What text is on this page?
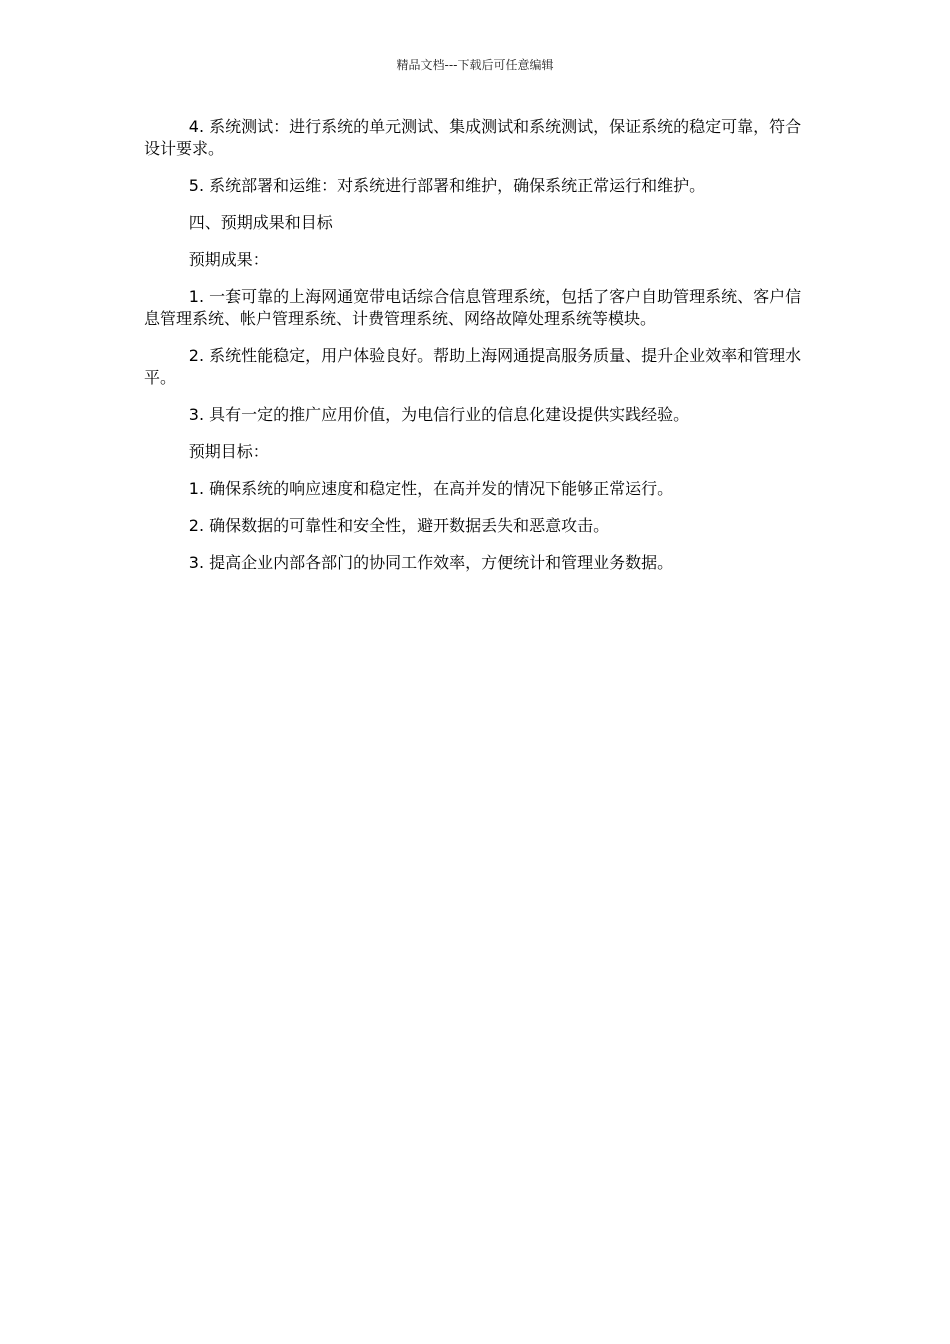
精品文档---下载后可任意编辑

4. 系统测试：进行系统的单元测试、集成测试和系统测试，保证系统的稳定可靠，符合设计要求。

5. 系统部署和运维：对系统进行部署和维护，确保系统正常运行和维护。

四、预期成果和目标

预期成果：

1. 一套可靠的上海网通宽带电话综合信息管理系统，包括了客户自助管理系统、客户信息管理系统、帐户管理系统、计费管理系统、网络故障处理系统等模块。

2. 系统性能稳定，用户体验良好。帮助上海网通提高服务质量、提升企业效率和管理水平。

3. 具有一定的推广应用价值，为电信行业的信息化建设提供实践经验。

预期目标：

1. 确保系统的响应速度和稳定性，在高并发的情况下能够正常运行。

2. 确保数据的可靠性和安全性，避开数据丢失和恶意攻击。

3. 提高企业内部各部门的协同工作效率，方便统计和管理业务数据。
